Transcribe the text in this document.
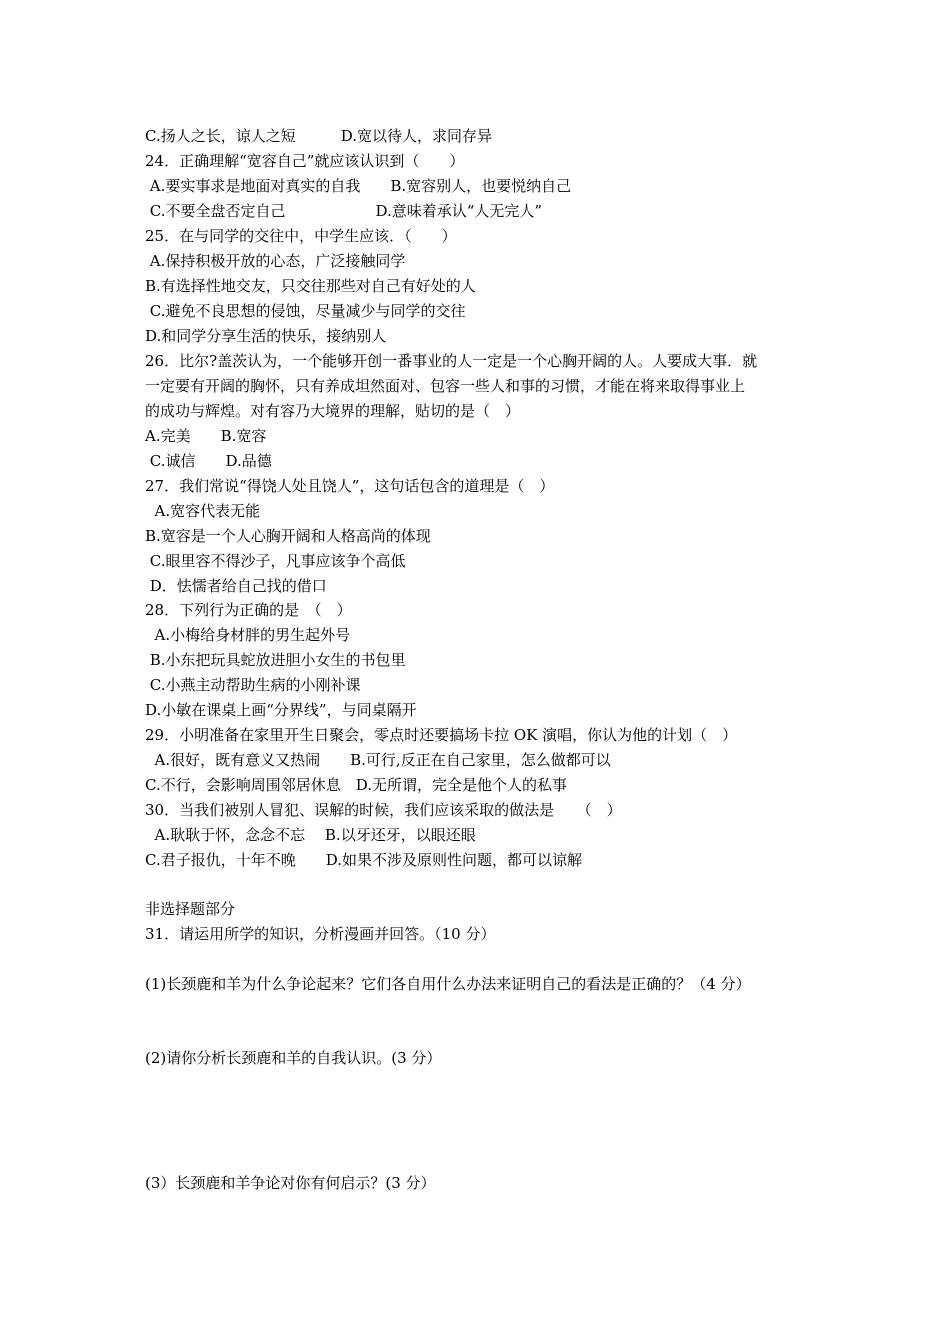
C.扬人之长，谅人之短　　　D.宽以待人，求同存异
24．正确理解“宽容自己”就应该认识到（　　）
A.要实事求是地面对真实的自我　　B.宽容别人，也要悦纳自己
C.不要全盘否定自己　　　　　　D.意味着承认“人无完人”
25．在与同学的交往中，中学生应该．（　　）
A.保持积极开放的心态，广泛接触同学
B.有选择性地交友，只交往那些对自己有好处的人
C.避免不良思想的侵蚀，尽量减少与同学的交往
D.和同学分享生活的快乐，接纳别人
26．比尔?盖茨认为，一个能够开创一番事业的人一定是一个心胸开阔的人。人要成大事．就
一定要有开阔的胸怀，只有养成坦然面对、包容一些人和事的习惯，才能在将来取得事业上
的成功与辉煌。对有容乃大境界的理解，贴切的是（　）
A.完美　　B.宽容
C.诚信　　D.品德
27．我们常说“得饶人处且饶人”，这句话包含的道理是（　）
A.宽容代表无能
B.宽容是一个人心胸开阔和人格高尚的体现
C.眼里容不得沙子，凡事应该争个高低
D．怯懦者给自己找的借口
28．下列行为正确的是　（　）
A.小梅给身材胖的男生起外号
B.小东把玩具蛇放进胆小女生的书包里
C.小燕主动帮助生病的小刚补课
D.小敏在课桌上画“分界线”，与同桌隔开
29．小明准备在家里开生日聚会，零点时还要搞场卡拉 OK 演唱，你认为他的计划（　）
A.很好，既有意义又热闹　　B.可行,反正在自己家里，怎么做都可以
C.不行，会影响周围邻居休息　D.无所谓，完全是他个人的私事
30．当我们被别人冒犯、误解的时候，我们应该采取的做法是　　（　）
A.耿耿于怀，念念不忘　 B.以牙还牙，以眼还眼
C.君子报仇，十年不晚　　D.如果不涉及原则性问题，都可以谅解
非选择题部分
31．请运用所学的知识，分析漫画并回答。（10 分）
(1)长颈鹿和羊为什么争论起来？它们各自用什么办法来证明自己的看法是正确的？（4 分）
(2)请你分析长颈鹿和羊的自我认识。(3 分）
(3）长颈鹿和羊争论对你有何启示？(3 分）
